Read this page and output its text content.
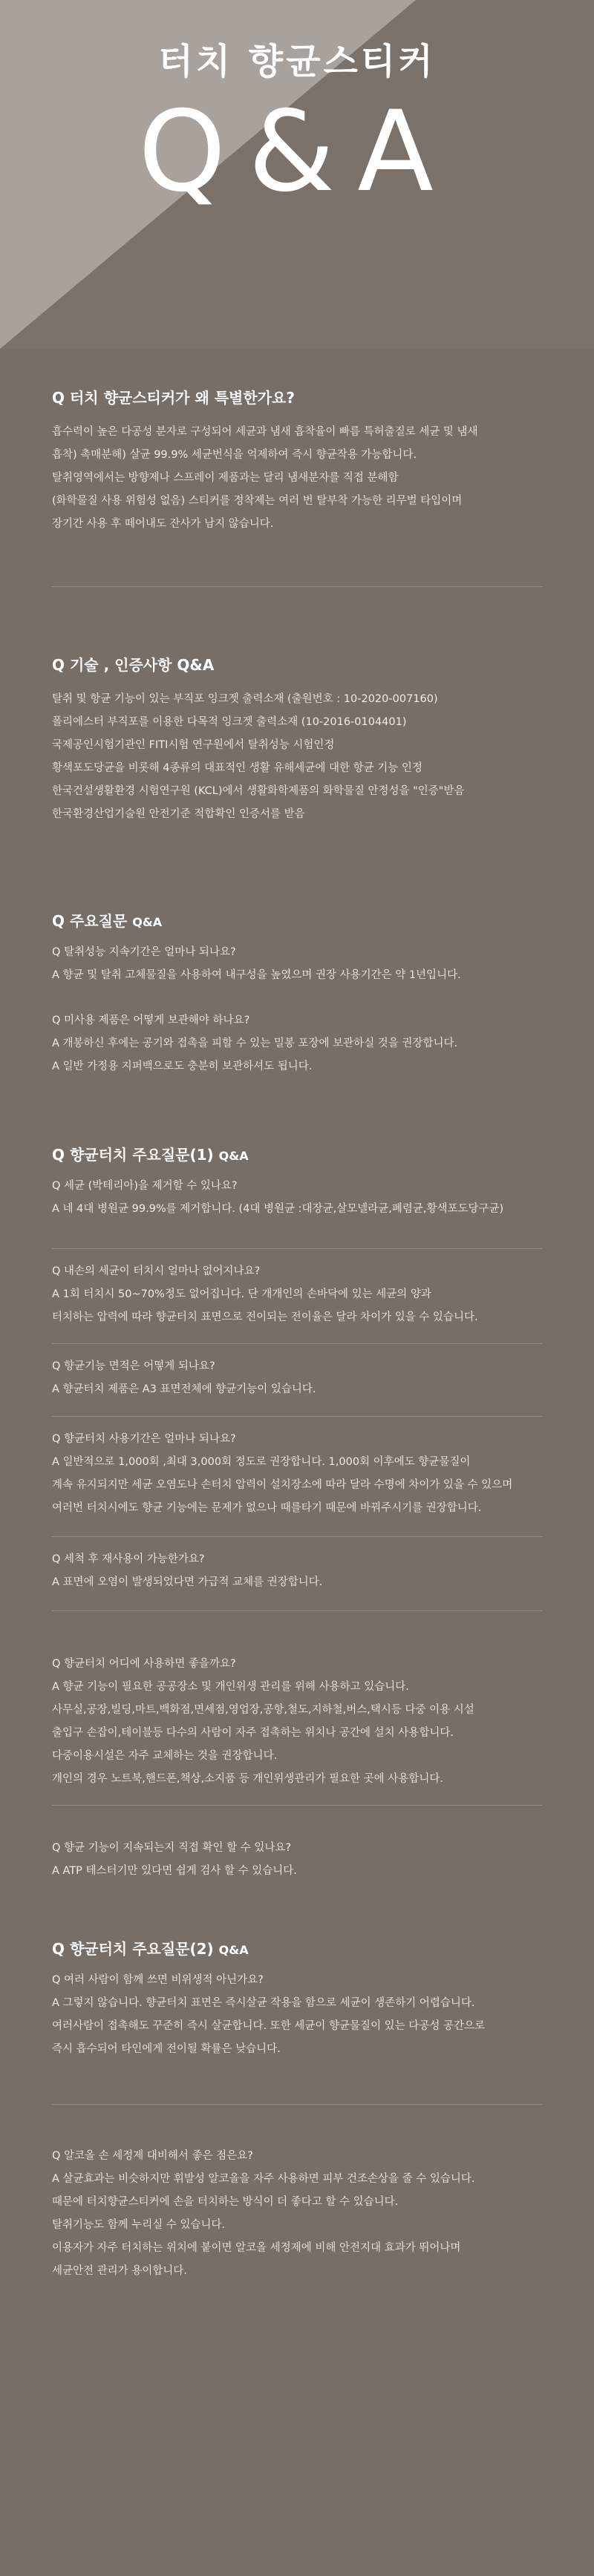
터치 향균스티커
Q&A
Q 터치 향균스티커가 왜 특별한가요?

흡수력이 높은 다공성 분자로 구성되어 세균과 냄새 흡착율이 빠름 특허출질로 세균 및 냄새

흡착) 촉매분해) 살균 99.9% 세균번식을 억제하여 즉시 향균작용 가능합니다.

탈취영역에서는 방향제나 스프레이 제품과는 달리 냄새분자를 직접 분해함

(화학물질 사용 위험성 없음) 스티커를 정착제는 여러 번 탈부착 가능한 리무벌 타입이며

장기간 사용 후 떼어내도 잔사가 남지 않습니다.

Q 기술 , 인증사항 Q&A

탈취 및 항균 기능이 있는 부직포 잉크젯 출력소재 (출원번호 : 10-2020-007160)

폴리에스터 부직포를 이용한 다목적 잉크젯 출력소재 (10-2016-0104401)

국제공인시험기관인 FITI시험 연구원에서 탈취성능 시험인정

황색포도당균을 비롯해 4종류의 대표적인 생활 유해세균에 대한 항균 기능 인정

한국건설생활환경 시험연구원 (KCL)에서 생활화학제품의 화학물질 안정성을 "인증"받음

한국환경산업기술원 안전기준 적합확인 인증서를 받음

Q 주요질문 Q&A

Q 탈취성능 지속기간은 얼마나 되나요?

A 향균 및 탈취 고체물질을 사용하여 내구성을 높였으며 권장 사용기간은 약 1년입니다.

Q 미사용 제품은 어떻게 보관해야 하나요?

A 개봉하신 후에는 공기와 접촉을 피할 수 있는 밀봉 포장에 보관하실 것을 권장합니다.

A 일반 가정용 지퍼백으로도 충분히 보관하셔도 됩니다.

Q 향균터치 주요질문(1) Q&A

Q 세균 (박테리아)을 제거할 수 있나요?

A 네 4대 병원균 99.9%를 제거합니다. (4대 병원균 :대장균,살모넬라균,폐렴균,황색포도당구균)

Q 내손의 세균이 터치시 얼마나 없어지나요?

A 1회 터치시 50~70%정도 없어집니다. 단 개개인의 손바닥에 있는 세균의 양과

터치하는 압력에 따라 향균터치 표면으로 전이되는 전이율은 달라 차이가 있을 수 있습니다.

Q 향균기능 면적은 어떻게 되나요?

A 향균터치 제품은 A3 표면전체에 향균기능이 있습니다.

Q 향균터치 사용기간은 얼마나 되나요?

A 일반적으로 1,000회 ,최대 3,000회 정도로 권장합니다. 1,000회 이후에도 향균물질이

계속 유지되지만 세균 오염도나 손터치 압력이 설치장소에 따라 달라 수명에 차이가 있을 수 있으며

여러번 터치시에도 향균 기능에는 문제가 없으나 때를타기 때문에 바꿔주시기를 권장합니다.

Q 세척 후 재사용이 가능한가요?

A 표면에 오염이 발생되었다면 가급적 교체를 권장합니다.

Q 향균터치 어디에 사용하면 좋을까요?

A 향균 기능이 필요한 공공장소 및 개인위생 관리를 위해 사용하고 있습니다.

사무실,공장,빌딩,마트,백화점,면세점,영업장,공항,철도,지하철,버스,택시등 다중 이용 시설

출입구 손잡이,테이블등 다수의 사람이 자주 접촉하는 위치나 공간에 설치 사용합니다.

다중이용시설은 자주 교체하는 것을 권장합니다.

개인의 경우 노트북,핸드폰,책상,소지품 등 개인위생관리가 필요한 곳에 사용합니다.

Q 향균 기능이 지속되는지 직접 확인 할 수 있나요?

A ATP 테스터기만 있다면 쉽게 검사 할 수 있습니다.

Q 향균터치 주요질문(2) Q&A

Q 여러 사람이 함께 쓰면 비위생적 아닌가요?

A 그렇지 않습니다. 향균터치 표면은 즉시살균 작용을 함으로 세균이 생존하기 어렵습니다.

여러사람이 접촉해도 꾸준히 즉시 살균합니다. 또한 세균이 향균물질이 있는 다공성 공간으로

즉시 흡수되어 타인에게 전이될 확률은 낮습니다.

Q 알코올 손 세정제 대비해서 좋은 점은요?

A 살균효과는 비슷하지만 휘발성 알코올을 자주 사용하면 피부 건조손상을 줄 수 있습니다.

때문에 터치향균스티커에 손을 터치하는 방식이 더 좋다고 할 수 있습니다.

탈취기능도 함께 누리실 수 있습니다.

이용자가 자주 터치하는 위치에 붙이면 알코올 세정제에 비해 안전지대 효과가 뛰어나며

세균안전 관리가 용이합니다.
